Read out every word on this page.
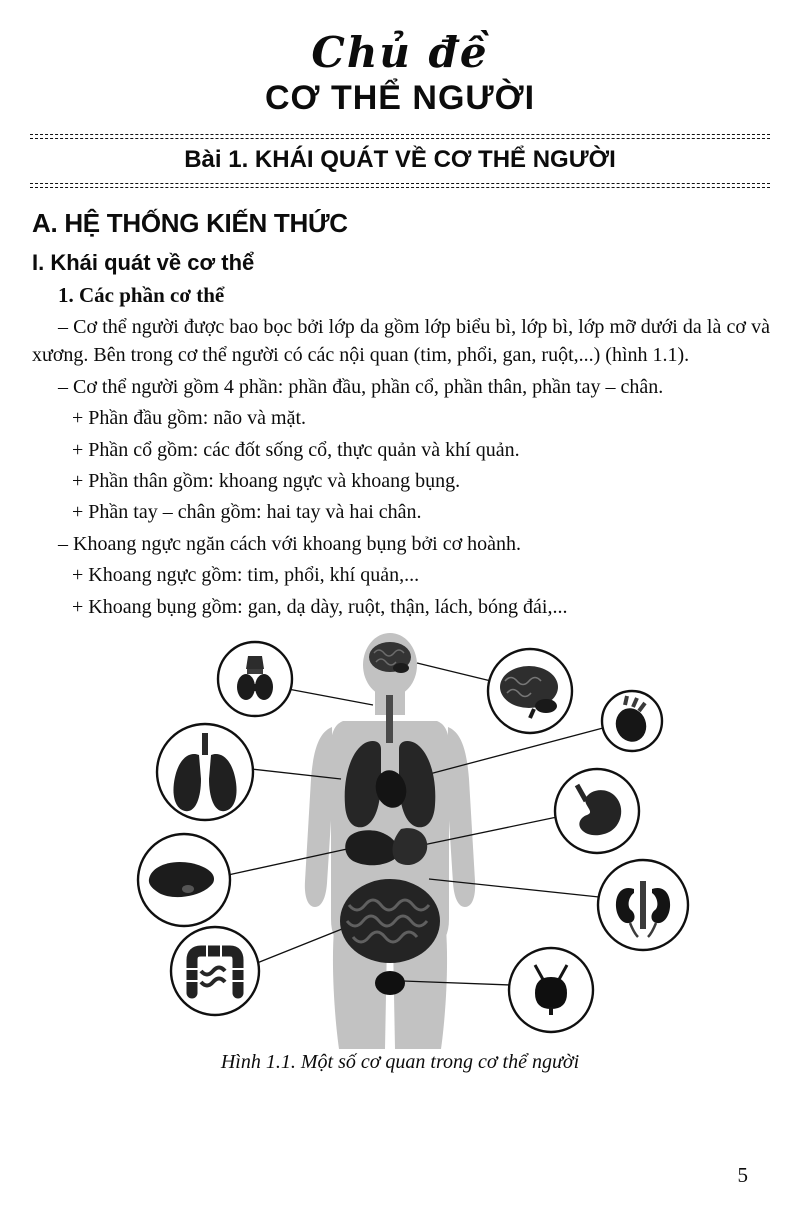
Chủ đề
CƠ THỂ NGƯỜI
Bài 1. KHÁI QUÁT VỀ CƠ THỂ NGƯỜI
A. HỆ THỐNG KIẾN THỨC
I. Khái quát về cơ thể
1. Các phần cơ thể

– Cơ thể người được bao bọc bởi lớp da gồm lớp biểu bì, lớp bì, lớp mỡ dưới da là cơ và xương. Bên trong cơ thể người có các nội quan (tim, phổi, gan, ruột,...) (hình 1.1).

– Cơ thể người gồm 4 phần: phần đầu, phần cổ, phần thân, phần tay – chân.

+ Phần đầu gồm: não và mặt.

+ Phần cổ gồm: các đốt sống cổ, thực quản và khí quản.

+ Phần thân gồm: khoang ngực và khoang bụng.

+ Phần tay – chân gồm: hai tay và hai chân.

– Khoang ngực ngăn cách với khoang bụng bởi cơ hoành.

+ Khoang ngực gồm: tim, phổi, khí quản,...

+ Khoang bụng gồm: gan, dạ dày, ruột, thận, lách, bóng đái,...

Hình 1.1. Một số cơ quan trong cơ thể người
5
